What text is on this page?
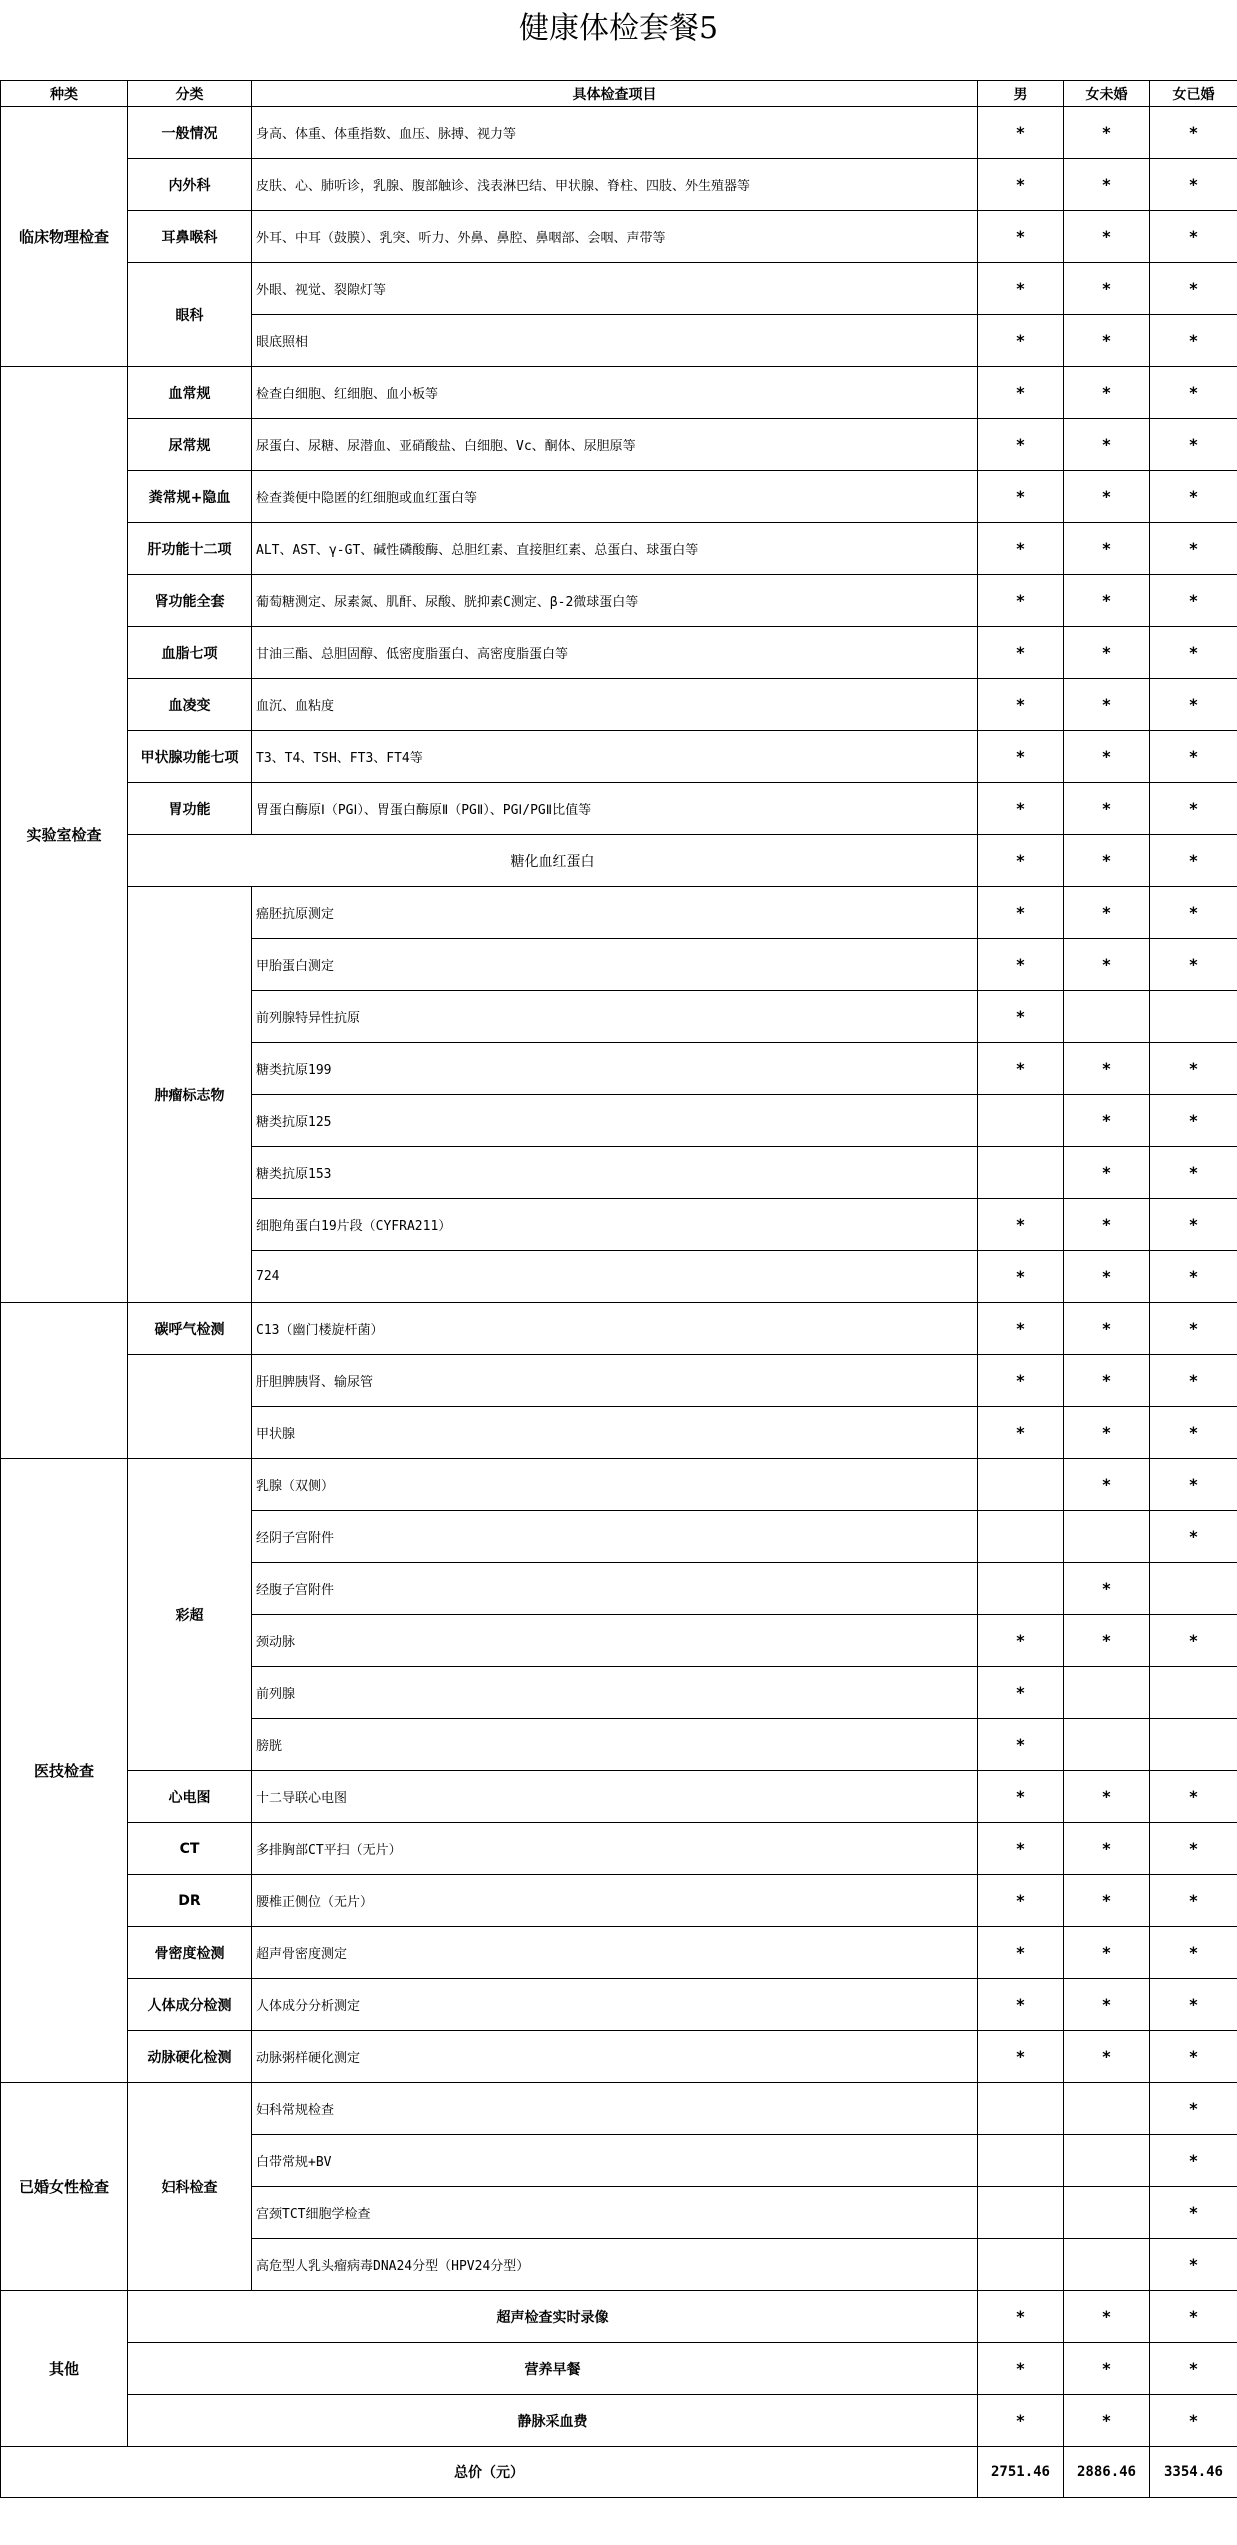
健康体检套餐5
种类	分类	具体检查项目	男	女未婚	女已婚
临床物理检查	一般情况	身高、体重、体重指数、血压、脉搏、视力等	*	*	*
	内外科	皮肤、心、肺听诊，乳腺、腹部触诊、浅表淋巴结、甲状腺、脊柱、四肢、外生殖器等	*	*	*
	耳鼻喉科	外耳、中耳（鼓膜）、乳突、听力、外鼻、鼻腔、鼻咽部、会咽、声带等	*	*	*
	眼科	外眼、视觉、裂隙灯等	*	*	*
		眼底照相	*	*	*
实验室检查	血常规	检查白细胞、红细胞、血小板等	*	*	*
	尿常规	尿蛋白、尿糖、尿潜血、亚硝酸盐、白细胞、Vc、酮体、尿胆原等	*	*	*
	粪常规+隐血	检查粪便中隐匿的红细胞或血红蛋白等	*	*	*
	肝功能十二项	ALT、AST、γ-GT、碱性磷酸酶、总胆红素、直接胆红素、总蛋白、球蛋白等	*	*	*
	肾功能全套	葡萄糖测定、尿素氮、肌酐、尿酸、胱抑素C测定、β-2微球蛋白等	*	*	*
	血脂七项	甘油三酯、总胆固醇、低密度脂蛋白、高密度脂蛋白等	*	*	*
	血凌变	血沉、血粘度	*	*	*
	甲状腺功能七项	T3、T4、TSH、FT3、FT4等	*	*	*
	胃功能	胃蛋白酶原Ⅰ（PGⅠ）、胃蛋白酶原Ⅱ（PGⅡ）、PGⅠ/PGⅡ比值等	*	*	*
	糖化血红蛋白		*	*	*
	肿瘤标志物	癌胚抗原测定	*	*	*
		甲胎蛋白测定	*	*	*
		前列腺特异性抗原	*		
		糖类抗原199	*	*	*
		糖类抗原125		*	*
		糖类抗原153		*	*
		细胞角蛋白19片段（CYFRA211）	*	*	*
		724	*	*	*
	碳呼气检测	C13（幽门楼旋杆菌）	*	*	*
		肝胆脾胰肾、输尿管	*	*	*
		甲状腺	*	*	*
医技检查	彩超	乳腺（双侧）		*	*
		经阴子宫附件			*
		经腹子宫附件		*	
		颈动脉	*	*	*
		前列腺	*		
		膀胱	*		
	心电图	十二导联心电图	*	*	*
	CT	多排胸部CT平扫（无片）	*	*	*
	DR	腰椎正侧位（无片）	*	*	*
	骨密度检测	超声骨密度测定	*	*	*
	人体成分检测	人体成分分析测定	*	*	*
	动脉硬化检测	动脉粥样硬化测定	*	*	*
已婚女性检查	妇科检查	妇科常规检查			*
		白带常规+BV			*
		宫颈TCT细胞学检查			*
		高危型人乳头瘤病毒DNA24分型（HPV24分型）			*
其他	超声检查实时录像		*	*	*
	营养早餐		*	*	*
	静脉采血费		*	*	*
总价（元）			2751.46	2886.46	3354.46
